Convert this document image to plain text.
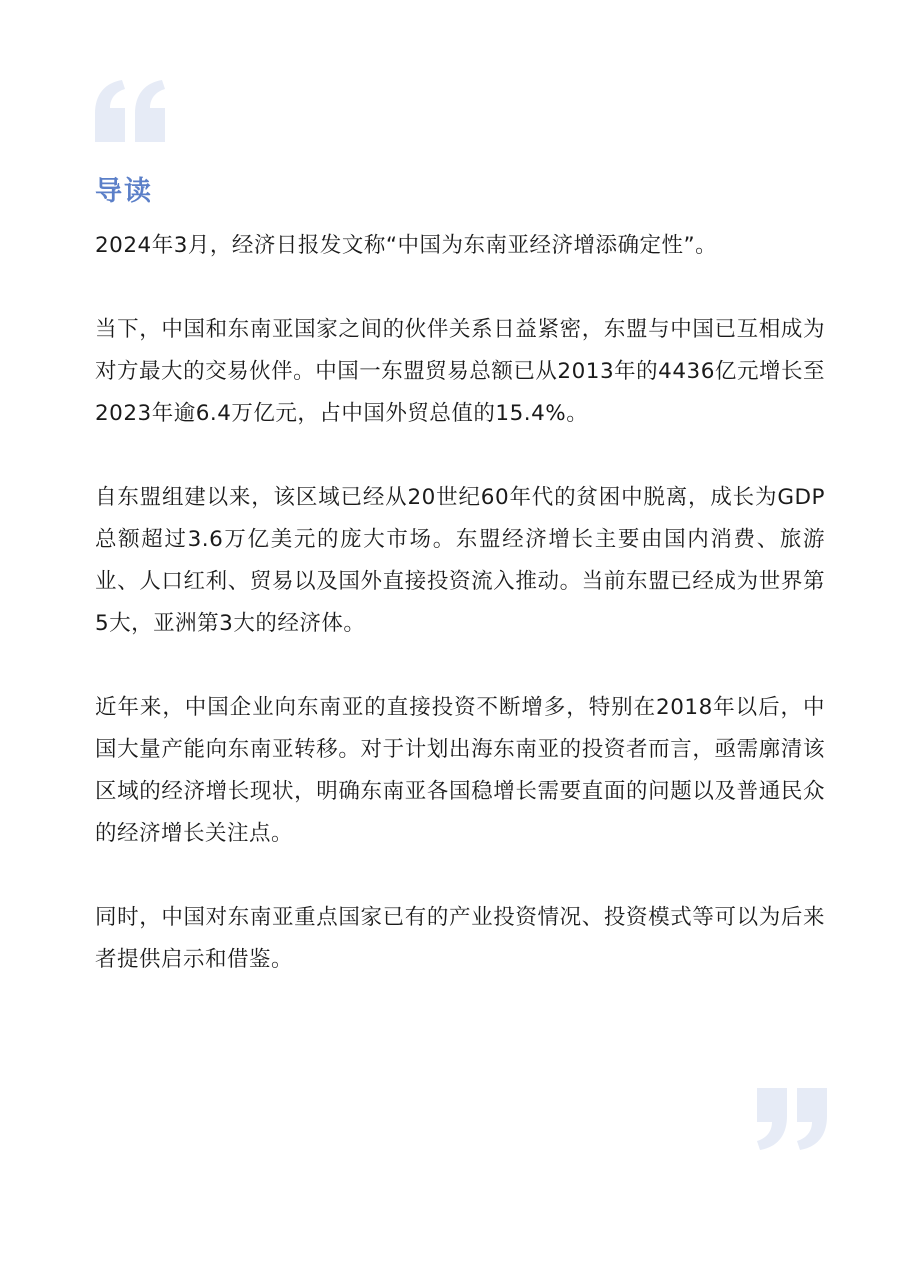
导读

2024年3月，经济日报发文称“中国为东南亚经济增添确定性”。

当下，中国和东南亚国家之间的伙伴关系日益紧密，东盟与中国已互相成为对方最大的交易伙伴。中国一东盟贸易总额已从2013年的4436亿元增长至2023年逾6.4万亿元，占中国外贸总值的15.4%。

自东盟组建以来，该区域已经从20世纪60年代的贫困中脱离，成长为GDP总额超过3.6万亿美元的庞大市场。东盟经济增长主要由国内消费、旅游业、人口红利、贸易以及国外直接投资流入推动。当前东盟已经成为世界第5大，亚洲第3大的经济体。

近年来，中国企业向东南亚的直接投资不断增多，特别在2018年以后，中国大量产能向东南亚转移。对于计划出海东南亚的投资者而言，亟需廓清该区域的经济增长现状，明确东南亚各国稳增长需要直面的问题以及普通民众的经济增长关注点。

同时，中国对东南亚重点国家已有的产业投资情况、投资模式等可以为后来者提供启示和借鉴。
